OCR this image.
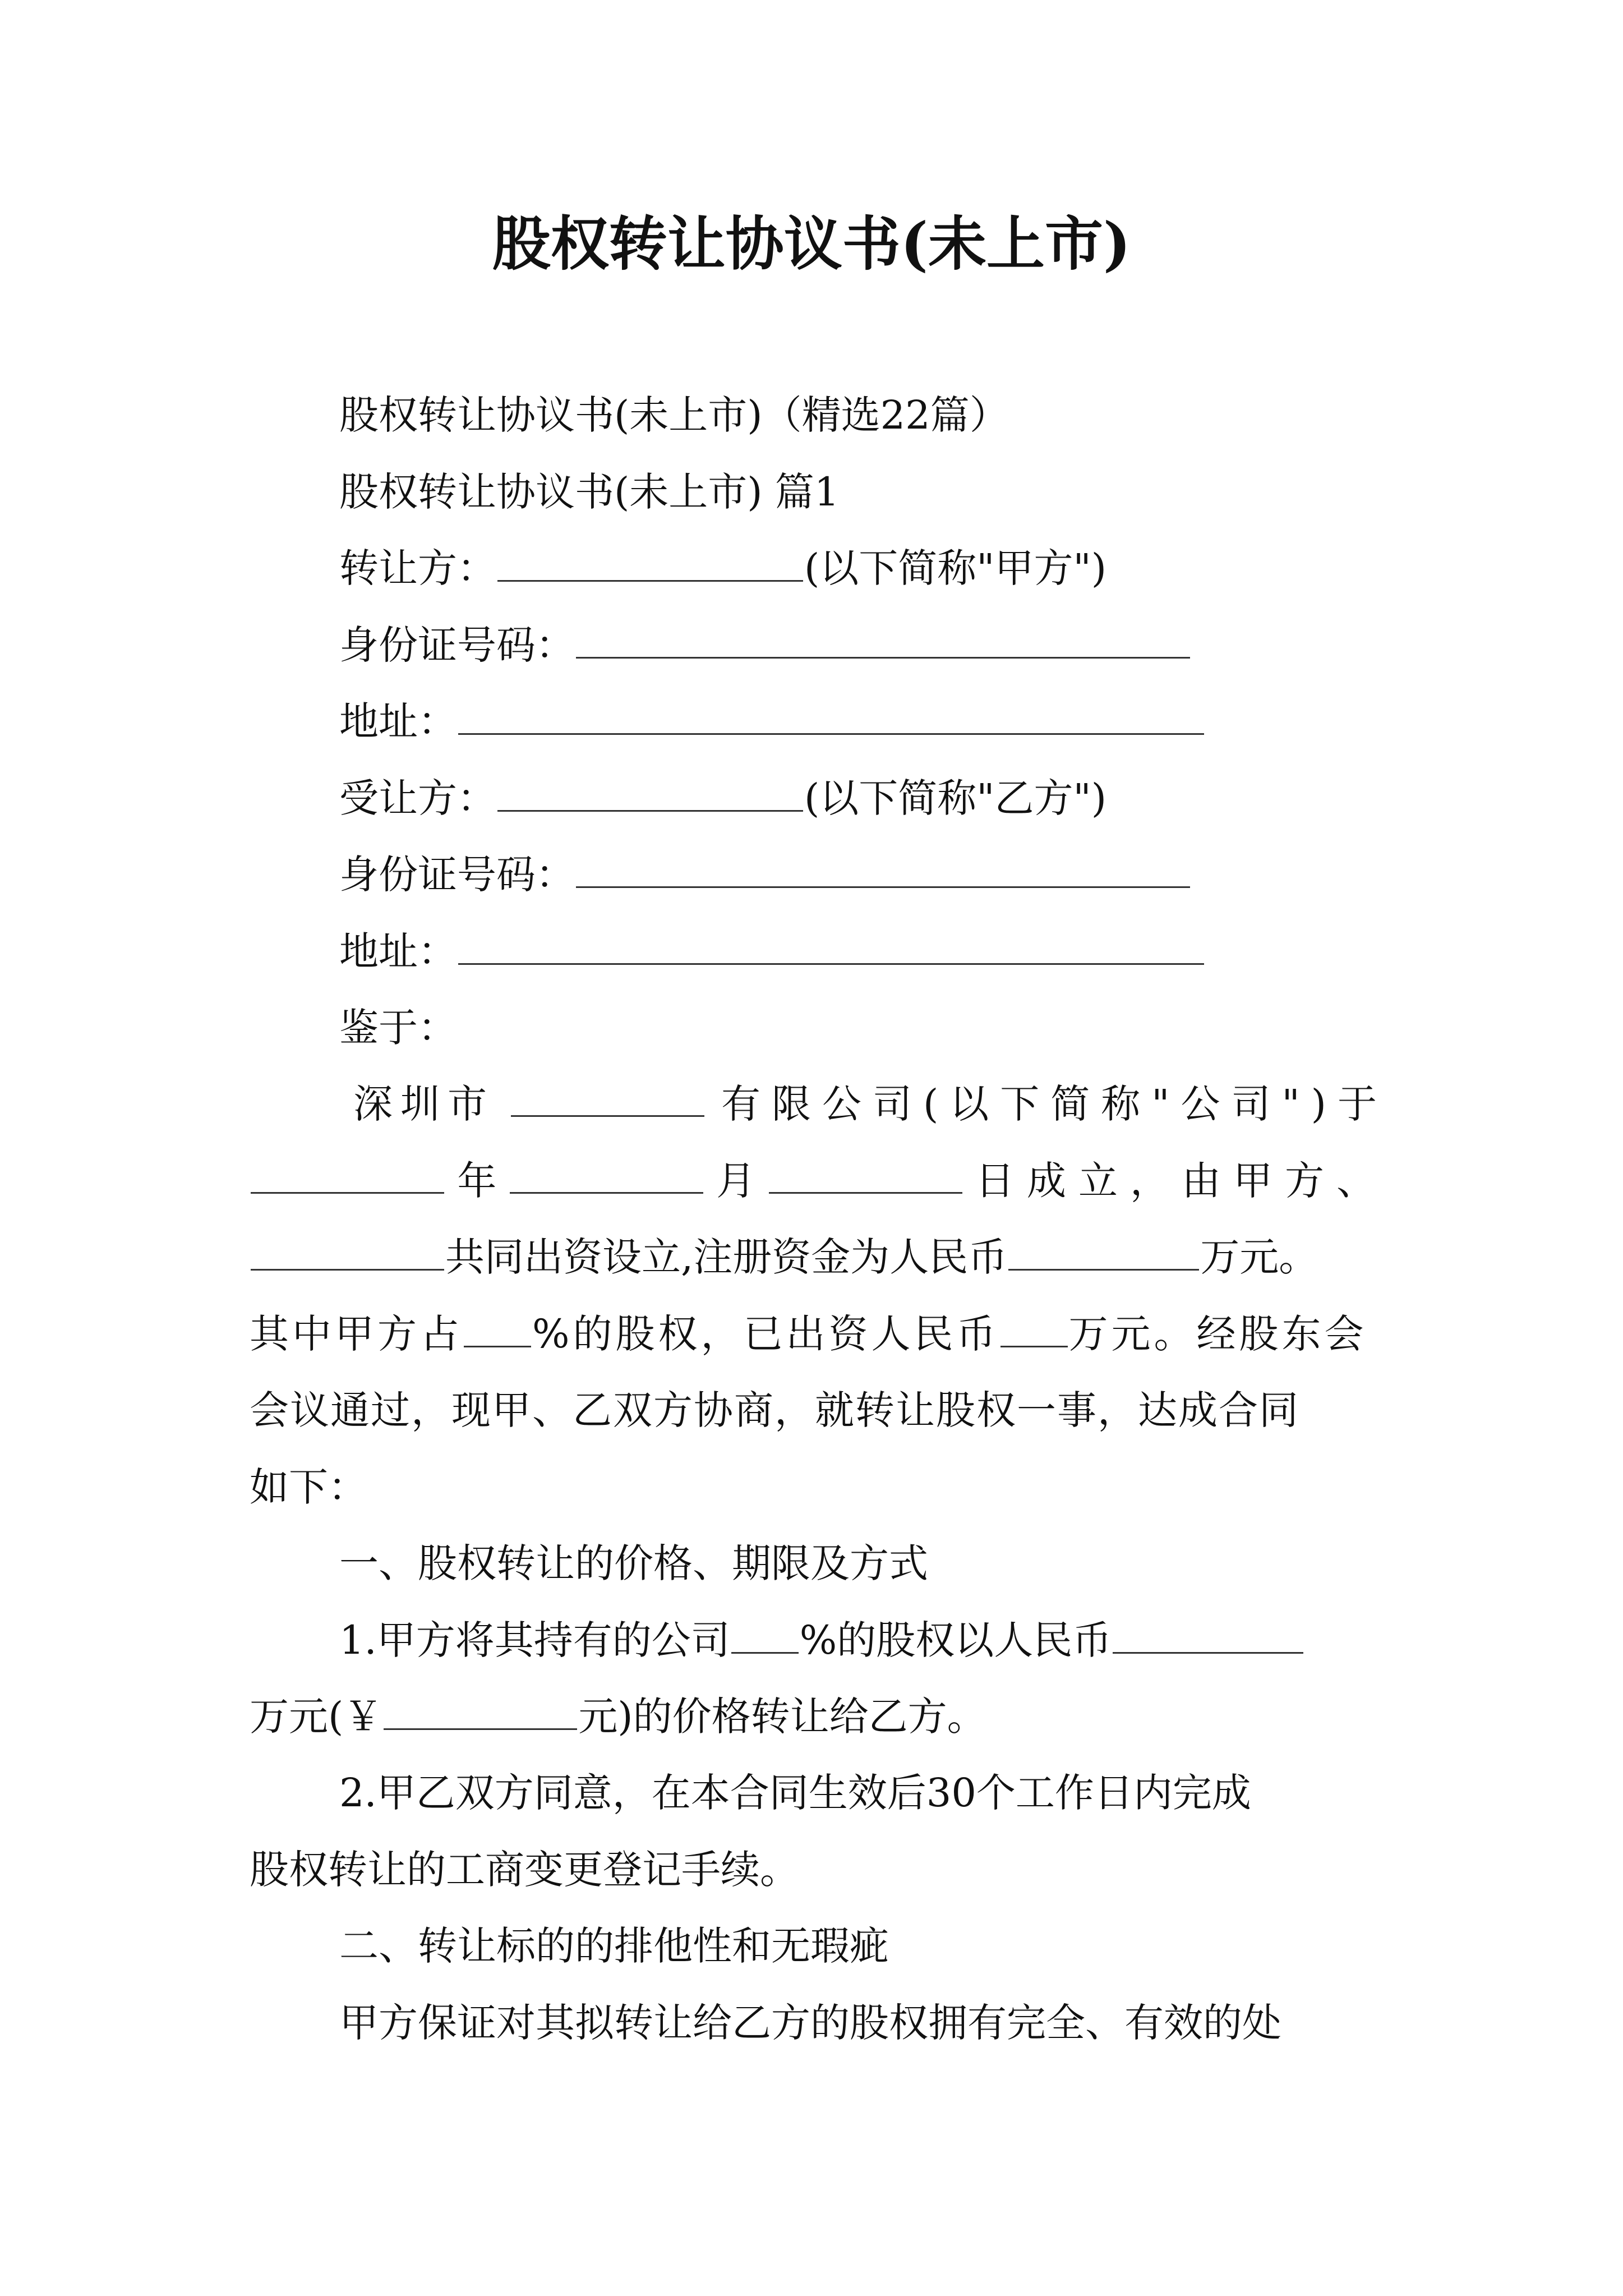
股权转让协议书(未上市)
股权转让协议书(未上市)（精选22篇）
股权转让协议书(未上市) 篇1
转让方：	(以下简称"甲方")
身份证号码：
地址：
受让方：	(以下简称"乙方")
身份证号码：
地址：
鉴于：
深圳市	有限公司(以下简称"公司")于
年	月	日成立，由甲方、
共同出资设立,注册资金为人民币	万元。
其中甲方占 %的股权，已出资人民币 万元。经股东会
会议通过，现甲、乙双方协商，就转让股权一事，达成合同
如下：
一、股权转让的价格、期限及方式
1.甲方将其持有的公司 %的股权以人民币
万元(￥	元)的价格转让给乙方。
2.甲乙双方同意，在本合同生效后30个工作日内完成
股权转让的工商变更登记手续。
二、转让标的的排他性和无瑕疵
甲方保证对其拟转让给乙方的股权拥有完全、有效的处
